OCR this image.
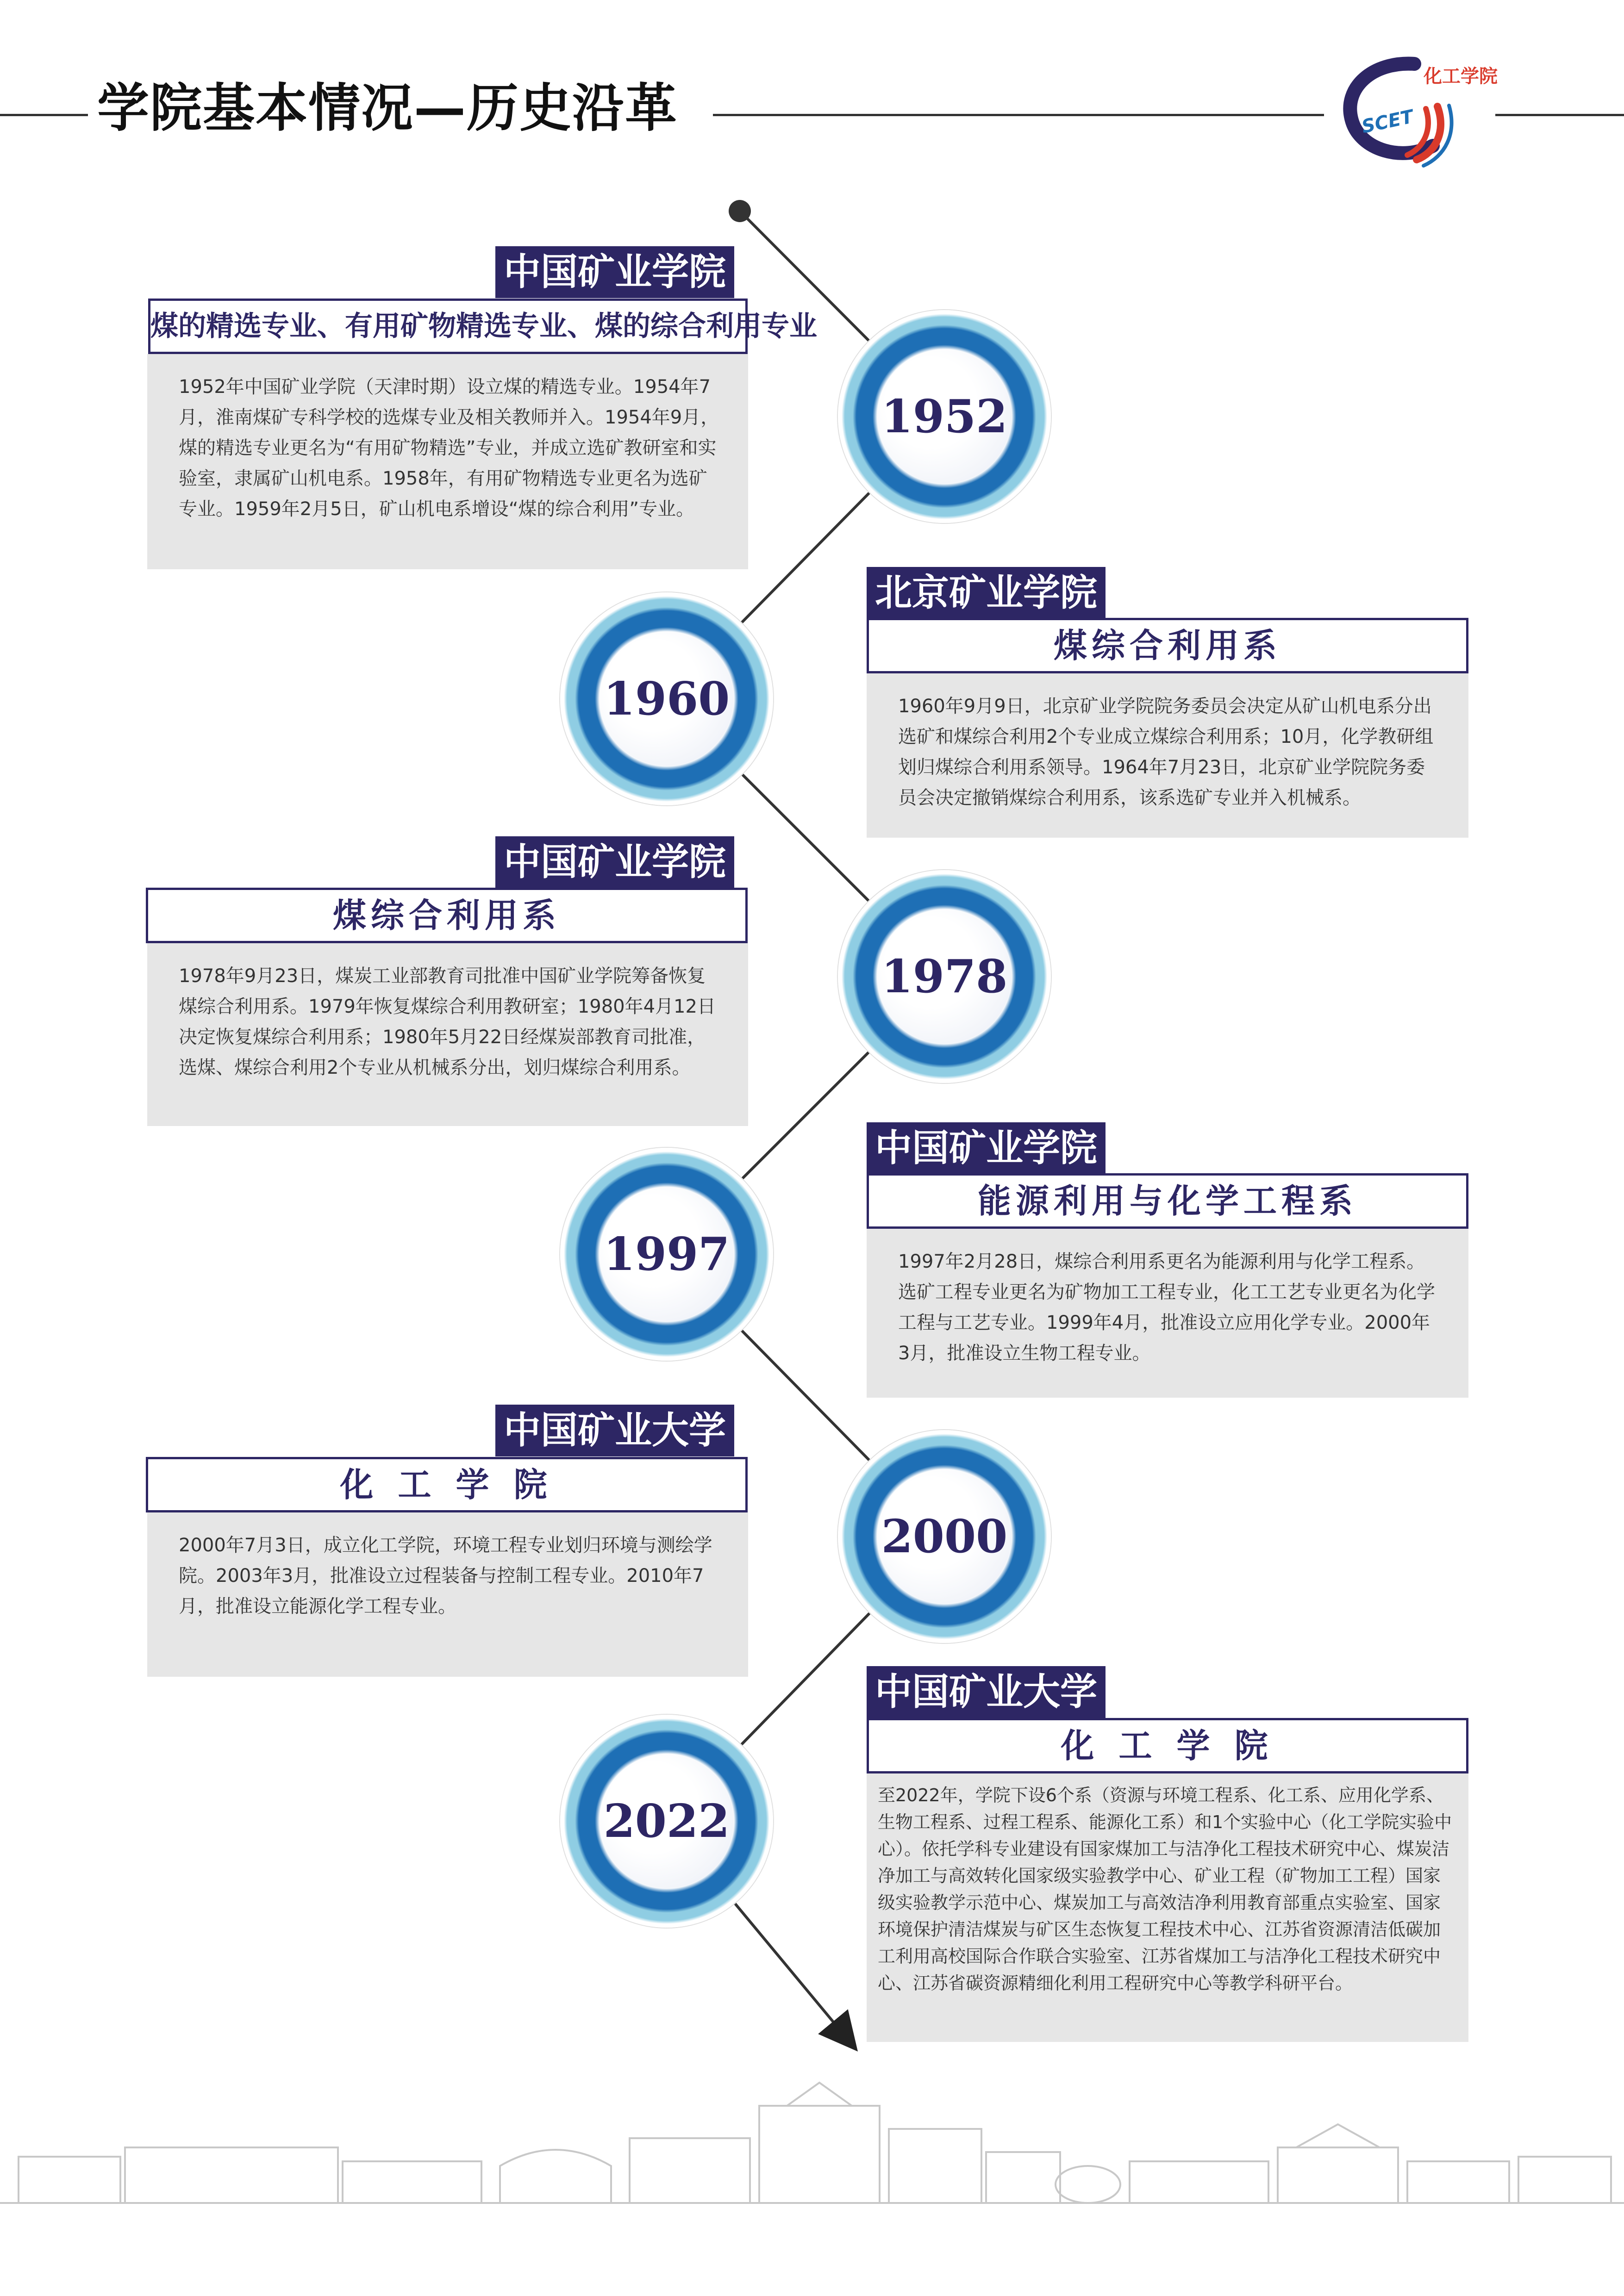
学院基本情况—历史沿革
化工学院
SCET
中国矿业学院
煤的精选专业、有用矿物精选专业、煤的综合利用专业
1952年中国矿业学院（天津时期）设立煤的精选专业。1954年7月，淮南煤矿专科学校的选煤专业及相关教师并入。1954年9月，煤的精选专业更名为“有用矿物精选”专业，并成立选矿教研室和实验室，隶属矿山机电系。1958年，有用矿物精选专业更名为选矿专业。1959年2月5日，矿山机电系增设“煤的综合利用”专业。
1952
1960
北京矿业学院
煤综合利用系
1960年9月9日，北京矿业学院院务委员会决定从矿山机电系分出选矿和煤综合利用2个专业成立煤综合利用系；10月，化学教研组划归煤综合利用系领导。1964年7月23日，北京矿业学院院务委员会决定撤销煤综合利用系，该系选矿专业并入机械系。
中国矿业学院
煤综合利用系
1978年9月23日，煤炭工业部教育司批准中国矿业学院筹备恢复煤综合利用系。1979年恢复煤综合利用教研室；1980年4月12日决定恢复煤综合利用系；1980年5月22日经煤炭部教育司批准，选煤、煤综合利用2个专业从机械系分出，划归煤综合利用系。
1978
1997
中国矿业学院
能源利用与化学工程系
1997年2月28日，煤综合利用系更名为能源利用与化学工程系。选矿工程专业更名为矿物加工工程专业，化工工艺专业更名为化学工程与工艺专业。1999年4月，批准设立应用化学专业。2000年3月，批准设立生物工程专业。
中国矿业大学
化 工 学 院
2000年7月3日，成立化工学院，环境工程专业划归环境与测绘学院。2003年3月，批准设立过程装备与控制工程专业。2010年7月，批准设立能源化学工程专业。
2000
2022
中国矿业大学
化 工 学 院
至2022年，学院下设6个系（资源与环境工程系、化工系、应用化学系、生物工程系、过程工程系、能源化工系）和1个实验中心（化工学院实验中心）。依托学科专业建设有国家煤加工与洁净化工程技术研究中心、煤炭洁净加工与高效转化国家级实验教学中心、矿业工程（矿物加工工程）国家级实验教学示范中心、煤炭加工与高效洁净利用教育部重点实验室、国家环境保护清洁煤炭与矿区生态恢复工程技术中心、江苏省资源清洁低碳加工利用高校国际合作联合实验室、江苏省煤加工与洁净化工程技术研究中心、江苏省碳资源精细化利用工程研究中心等教学科研平台。
